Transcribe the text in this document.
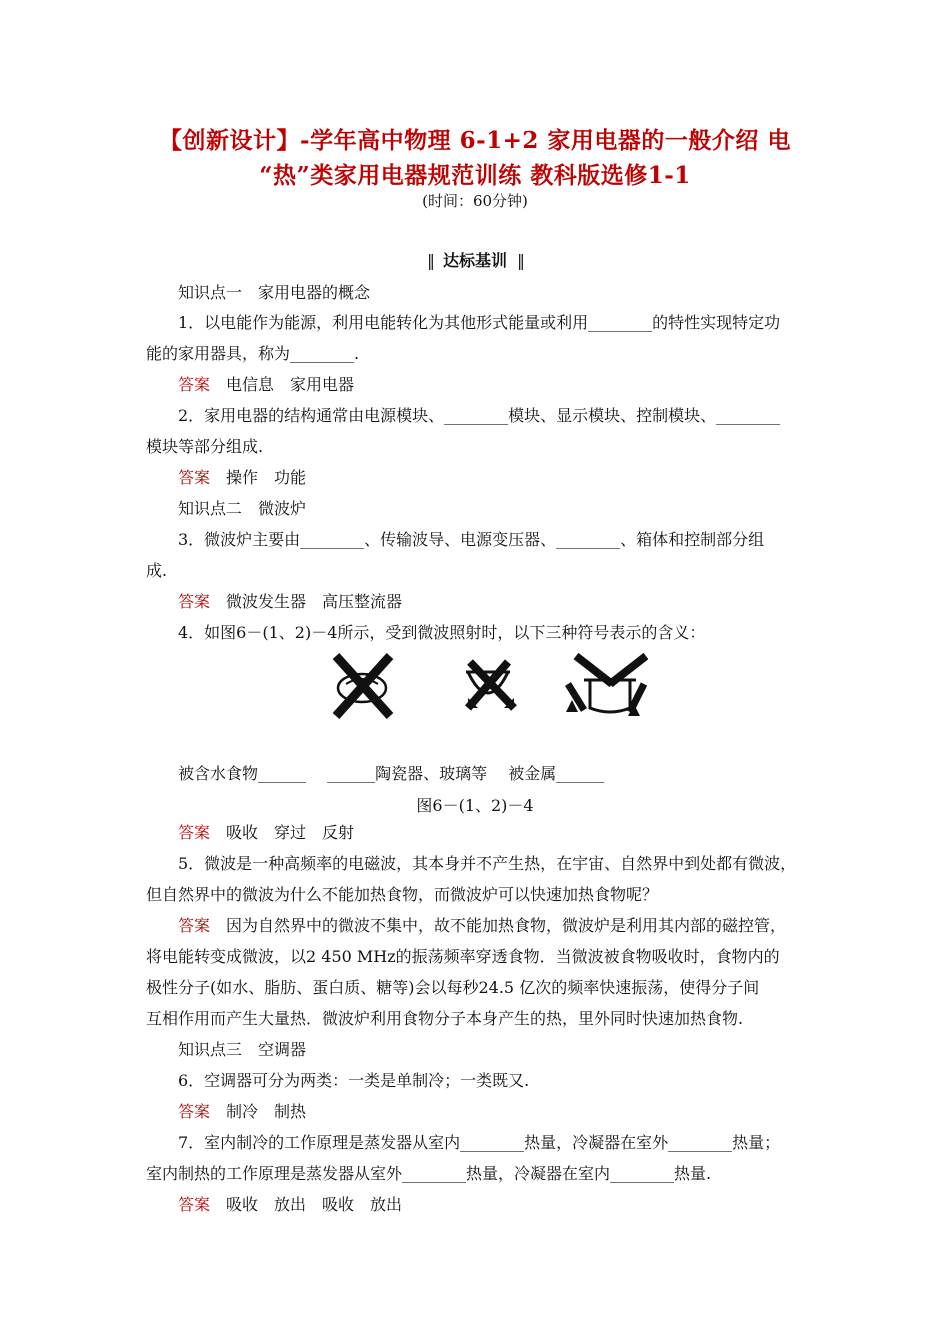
【创新设计】-学年高中物理 6-1+2 家用电器的一般介绍 电
“热”类家用电器规范训练 教科版选修1-1
(时间：60分钟)
‖ 达标基训 ‖
知识点一　家用电器的概念
1．以电能作为能源，利用电能转化为其他形式能量或利用________的特性实现特定功
能的家用器具，称为________.
答案　 电信息　家用电器
2．家用电器的结构通常由电源模块、________模块、显示模块、控制模块、________
模块等部分组成.
答案　 操作　功能
知识点二　微波炉
3．微波炉主要由________、传输波导、电源变压器、________、箱体和控制部分组
成.
答案　 微波发生器　高压整流器
4．如图6－(1、2)－4所示，受到微波照射时，以下三种符号表示的含义：
被含水食物______ ______陶瓷器、玻璃等 被金属______
图6－(1、2)－4
答案　 吸收　穿过　反射
5．微波是一种高频率的电磁波，其本身并不产生热，在宇宙、自然界中到处都有微波，
但自然界中的微波为什么不能加热食物，而微波炉可以快速加热食物呢？
答案　 因为自然界中的微波不集中，故不能加热食物，微波炉是利用其内部的磁控管，
将电能转变成微波，以2 450 MHz的振荡频率穿透食物．当微波被食物吸收时，食物内的
极性分子(如水、脂肪、蛋白质、糖等)会以每秒24.5 亿次的频率快速振荡，使得分子间
互相作用而产生大量热．微波炉利用食物分子本身产生的热，里外同时快速加热食物.
知识点三　空调器
6．空调器可分为两类：一类是单制冷；一类既又.
答案　 制冷　制热
7．室内制冷的工作原理是蒸发器从室内________热量，冷凝器在室外________热量；
室内制热的工作原理是蒸发器从室外________热量，冷凝器在室内________热量.
答案　 吸收　放出　吸收　放出
